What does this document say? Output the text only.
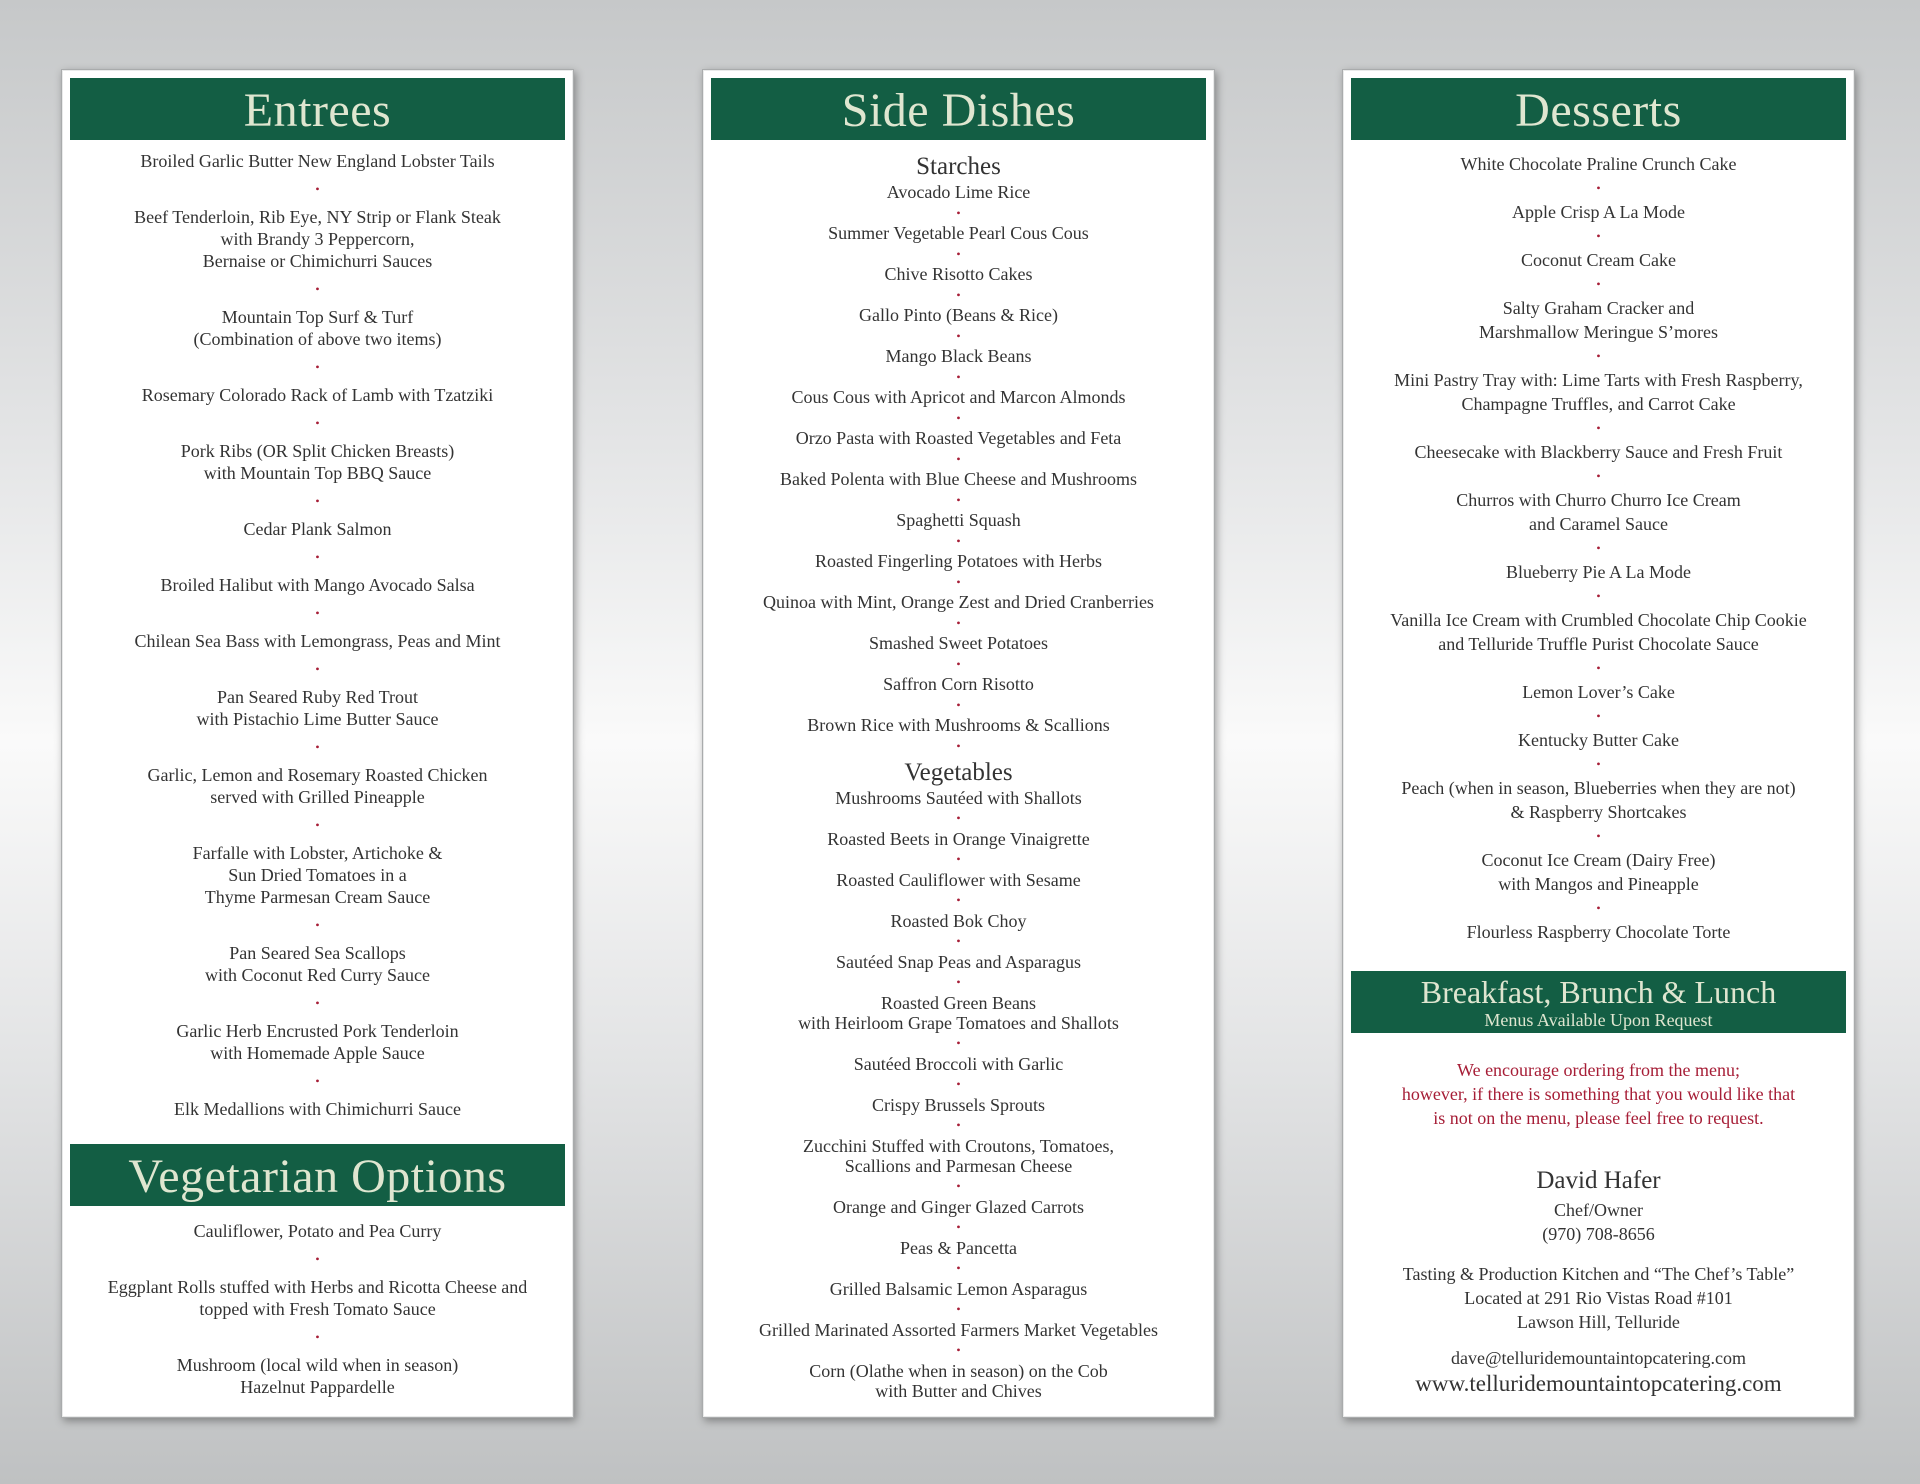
Entrees
Broiled Garlic Butter New England Lobster Tails
•
Beef Tenderloin, Rib Eye, NY Strip or Flank Steak
with Brandy 3 Peppercorn,
Bernaise or Chimichurri Sauces
•
Mountain Top Surf & Turf
(Combination of above two items)
•
Rosemary Colorado Rack of Lamb with Tzatziki
•
Pork Ribs (OR Split Chicken Breasts)
with Mountain Top BBQ Sauce
•
Cedar Plank Salmon
•
Broiled Halibut with Mango Avocado Salsa
•
Chilean Sea Bass with Lemongrass, Peas and Mint
•
Pan Seared Ruby Red Trout
with Pistachio Lime Butter Sauce
•
Garlic, Lemon and Rosemary Roasted Chicken
served with Grilled Pineapple
•
Farfalle with Lobster, Artichoke &
Sun Dried Tomatoes in a
Thyme Parmesan Cream Sauce
•
Pan Seared Sea Scallops
with Coconut Red Curry Sauce
•
Garlic Herb Encrusted Pork Tenderloin
with Homemade Apple Sauce
•
Elk Medallions with Chimichurri Sauce
Vegetarian Options
Cauliflower, Potato and Pea Curry
•
Eggplant Rolls stuffed with Herbs and Ricotta Cheese and
topped with Fresh Tomato Sauce
•
Mushroom (local wild when in season)
Hazelnut Pappardelle
Side Dishes
Starches
Avocado Lime Rice
•
Summer Vegetable Pearl Cous Cous
•
Chive Risotto Cakes
•
Gallo Pinto (Beans & Rice)
•
Mango Black Beans
•
Cous Cous with Apricot and Marcon Almonds
•
Orzo Pasta with Roasted Vegetables and Feta
•
Baked Polenta with Blue Cheese and Mushrooms
•
Spaghetti Squash
•
Roasted Fingerling Potatoes with Herbs
•
Quinoa with Mint, Orange Zest and Dried Cranberries
•
Smashed Sweet Potatoes
•
Saffron Corn Risotto
•
Brown Rice with Mushrooms & Scallions
•
Vegetables
Mushrooms Sautéed with Shallots
•
Roasted Beets in Orange Vinaigrette
•
Roasted Cauliflower with Sesame
•
Roasted Bok Choy
•
Sautéed Snap Peas and Asparagus
•
Roasted Green Beans
with Heirloom Grape Tomatoes and Shallots
•
Sautéed Broccoli with Garlic
•
Crispy Brussels Sprouts
•
Zucchini Stuffed with Croutons, Tomatoes,
Scallions and Parmesan Cheese
•
Orange and Ginger Glazed Carrots
•
Peas & Pancetta
•
Grilled Balsamic Lemon Asparagus
•
Grilled Marinated Assorted Farmers Market Vegetables
•
Corn (Olathe when in season) on the Cob
with Butter and Chives
Desserts
White Chocolate Praline Crunch Cake
•
Apple Crisp A La Mode
•
Coconut Cream Cake
•
Salty Graham Cracker and
Marshmallow Meringue S’mores
•
Mini Pastry Tray with: Lime Tarts with Fresh Raspberry,
Champagne Truffles, and Carrot Cake
•
Cheesecake with Blackberry Sauce and Fresh Fruit
•
Churros with Churro Churro Ice Cream
and Caramel Sauce
•
Blueberry Pie A La Mode
•
Vanilla Ice Cream with Crumbled Chocolate Chip Cookie
and Telluride Truffle Purist Chocolate Sauce
•
Lemon Lover’s Cake
•
Kentucky Butter Cake
•
Peach (when in season, Blueberries when they are not)
& Raspberry Shortcakes
•
Coconut Ice Cream (Dairy Free)
with Mangos and Pineapple
•
Flourless Raspberry Chocolate Torte
Breakfast, Brunch & Lunch
Menus Available Upon Request
We encourage ordering from the menu;
however, if there is something that you would like that
is not on the menu, please feel free to request.
David Hafer
Chef/Owner
(970) 708-8656
Tasting & Production Kitchen and “The Chef’s Table”
Located at 291 Rio Vistas Road #101
Lawson Hill, Telluride
dave@telluridemountaintopcatering.com
www.telluridemountaintopcatering.com
